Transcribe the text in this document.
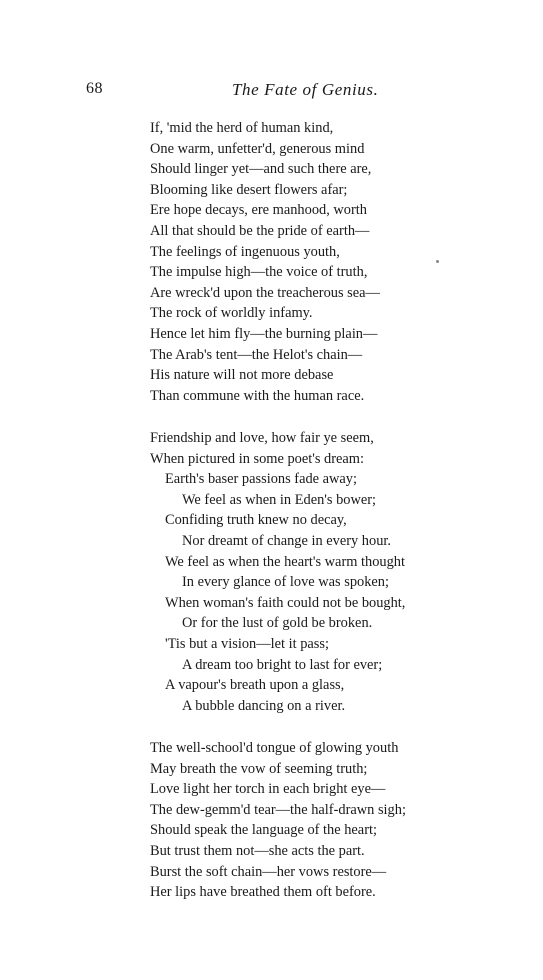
68	The Fate of Genius.
If, 'mid the herd of human kind,
One warm, unfetter'd, generous mind
Should linger yet—and such there are,
Blooming like desert flowers afar;
Ere hope decays, ere manhood, worth
All that should be the pride of earth—
The feelings of ingenuous youth,
The impulse high—the voice of truth,
Are wreck'd upon the treacherous sea—
The rock of worldly infamy.
Hence let him fly—the burning plain—
The Arab's tent—the Helot's chain—
His nature will not more debase
Than commune with the human race.
Friendship and love, how fair ye seem,
When pictured in some poet's dream:
Earth's baser passions fade away;
We feel as when in Eden's bower;
Confiding truth knew no decay,
Nor dreamt of change in every hour.
We feel as when the heart's warm thought
In every glance of love was spoken;
When woman's faith could not be bought,
Or for the lust of gold be broken.
'Tis but a vision—let it pass;
A dream too bright to last for ever;
A vapour's breath upon a glass,
A bubble dancing on a river.
The well-school'd tongue of glowing youth
May breath the vow of seeming truth;
Love light her torch in each bright eye—
The dew-gemm'd tear—the half-drawn sigh;
Should speak the language of the heart;
But trust them not—she acts the part.
Burst the soft chain—her vows restore—
Her lips have breathed them oft before.
